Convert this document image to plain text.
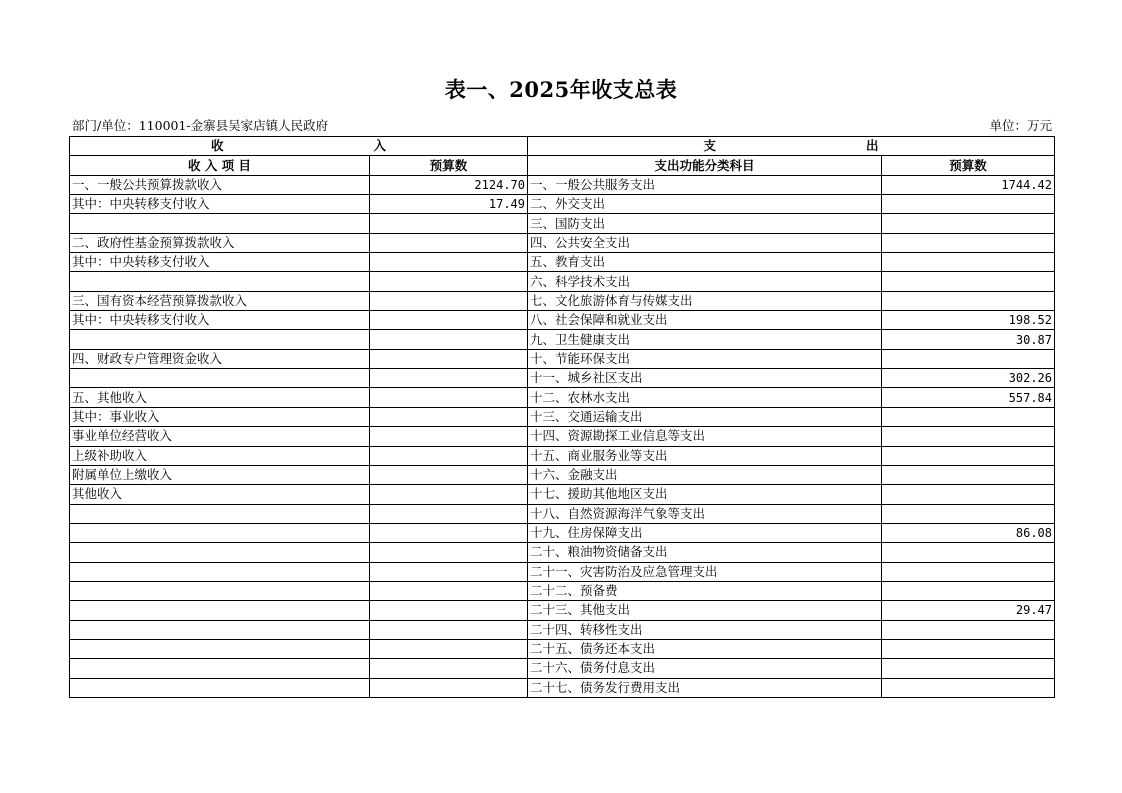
表一、2025年收支总表
部门/单位：110001-金寨县吴家店镇人民政府	单位：万元
收 入		支 出	
收 入 项 目	预算数	支出功能分类科目	预算数
一、一般公共预算拨款收入	2124.70	一、一般公共服务支出	1744.42
其中：中央转移支付收入	17.49	二、外交支出	
		三、国防支出	
二、政府性基金预算拨款收入		四、公共安全支出	
其中：中央转移支付收入		五、教育支出	
		六、科学技术支出	
三、国有资本经营预算拨款收入		七、文化旅游体育与传媒支出	
其中：中央转移支付收入		八、社会保障和就业支出	198.52
		九、卫生健康支出	30.87
四、财政专户管理资金收入		十、节能环保支出	
		十一、城乡社区支出	302.26
五、其他收入		十二、农林水支出	557.84
其中：事业收入		十三、交通运输支出	
事业单位经营收入		十四、资源勘探工业信息等支出	
上级补助收入		十五、商业服务业等支出	
附属单位上缴收入		十六、金融支出	
其他收入		十七、援助其他地区支出	
		十八、自然资源海洋气象等支出	
		十九、住房保障支出	86.08
		二十、粮油物资储备支出	
		二十一、灾害防治及应急管理支出	
		二十二、预备费	
		二十三、其他支出	29.47
		二十四、转移性支出	
		二十五、债务还本支出	
		二十六、债务付息支出	
		二十七、债务发行费用支出	
